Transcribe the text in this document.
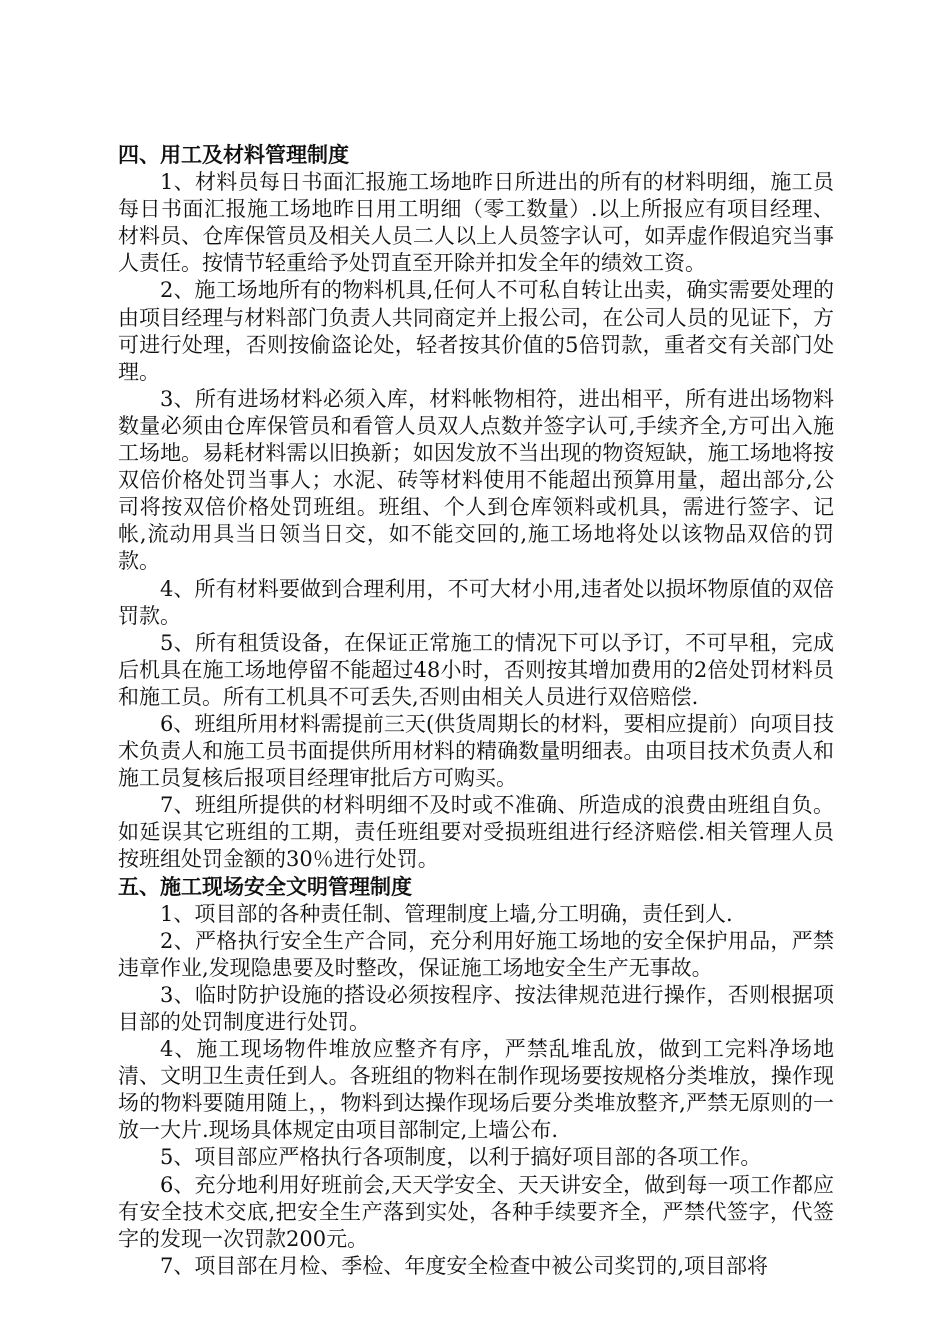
四、用工及材料管理制度

1、材料员每日书面汇报施工场地昨日所进出的所有的材料明细，施工员每日书面汇报施工场地昨日用工明细（零工数量）.以上所报应有项目经理、材料员、仓库保管员及相关人员二人以上人员签字认可，如弄虚作假追究当事人责任。按情节轻重给予处罚直至开除并扣发全年的绩效工资。

2、施工场地所有的物料机具,任何人不可私自转让出卖，确实需要处理的由项目经理与材料部门负责人共同商定并上报公司，在公司人员的见证下，方可进行处理，否则按偷盗论处，轻者按其价值的5倍罚款，重者交有关部门处理。

3、所有进场材料必须入库，材料帐物相符，进出相平，所有进出场物料数量必须由仓库保管员和看管人员双人点数并签字认可,手续齐全,方可出入施工场地。易耗材料需以旧换新；如因发放不当出现的物资短缺，施工场地将按双倍价格处罚当事人；水泥、砖等材料使用不能超出预算用量，超出部分,公司将按双倍价格处罚班组。班组、个人到仓库领料或机具，需进行签字、记帐,流动用具当日领当日交，如不能交回的,施工场地将处以该物品双倍的罚款。

4、所有材料要做到合理利用，不可大材小用,违者处以损坏物原值的双倍罚款。

5、所有租赁设备，在保证正常施工的情况下可以予订，不可早租，完成后机具在施工场地停留不能超过48小时，否则按其增加费用的2倍处罚材料员和施工员。所有工机具不可丢失,否则由相关人员进行双倍赔偿.

6、班组所用材料需提前三天(供货周期长的材料，要相应提前）向项目技术负责人和施工员书面提供所用材料的精确数量明细表。由项目技术负责人和施工员复核后报项目经理审批后方可购买。

7、班组所提供的材料明细不及时或不准确、所造成的浪费由班组自负。如延误其它班组的工期，责任班组要对受损班组进行经济赔偿.相关管理人员按班组处罚金额的30％进行处罚。

五、施工现场安全文明管理制度

1、项目部的各种责任制、管理制度上墙,分工明确，责任到人.

2、严格执行安全生产合同，充分利用好施工场地的安全保护用品，严禁违章作业,发现隐患要及时整改，保证施工场地安全生产无事故。

3、临时防护设施的搭设必须按程序、按法律规范进行操作，否则根据项目部的处罚制度进行处罚。

4、施工现场物件堆放应整齐有序，严禁乱堆乱放，做到工完料净场地清、文明卫生责任到人。各班组的物料在制作现场要按规格分类堆放，操作现场的物料要随用随上，，物料到达操作现场后要分类堆放整齐,严禁无原则的一放一大片.现场具体规定由项目部制定,上墙公布.

5、项目部应严格执行各项制度，以利于搞好项目部的各项工作。

6、充分地利用好班前会,天天学安全、天天讲安全，做到每一项工作都应有安全技术交底,把安全生产落到实处，各种手续要齐全，严禁代签字，代签字的发现一次罚款200元。

7、项目部在月检、季检、年度安全检查中被公司奖罚的,项目部将
